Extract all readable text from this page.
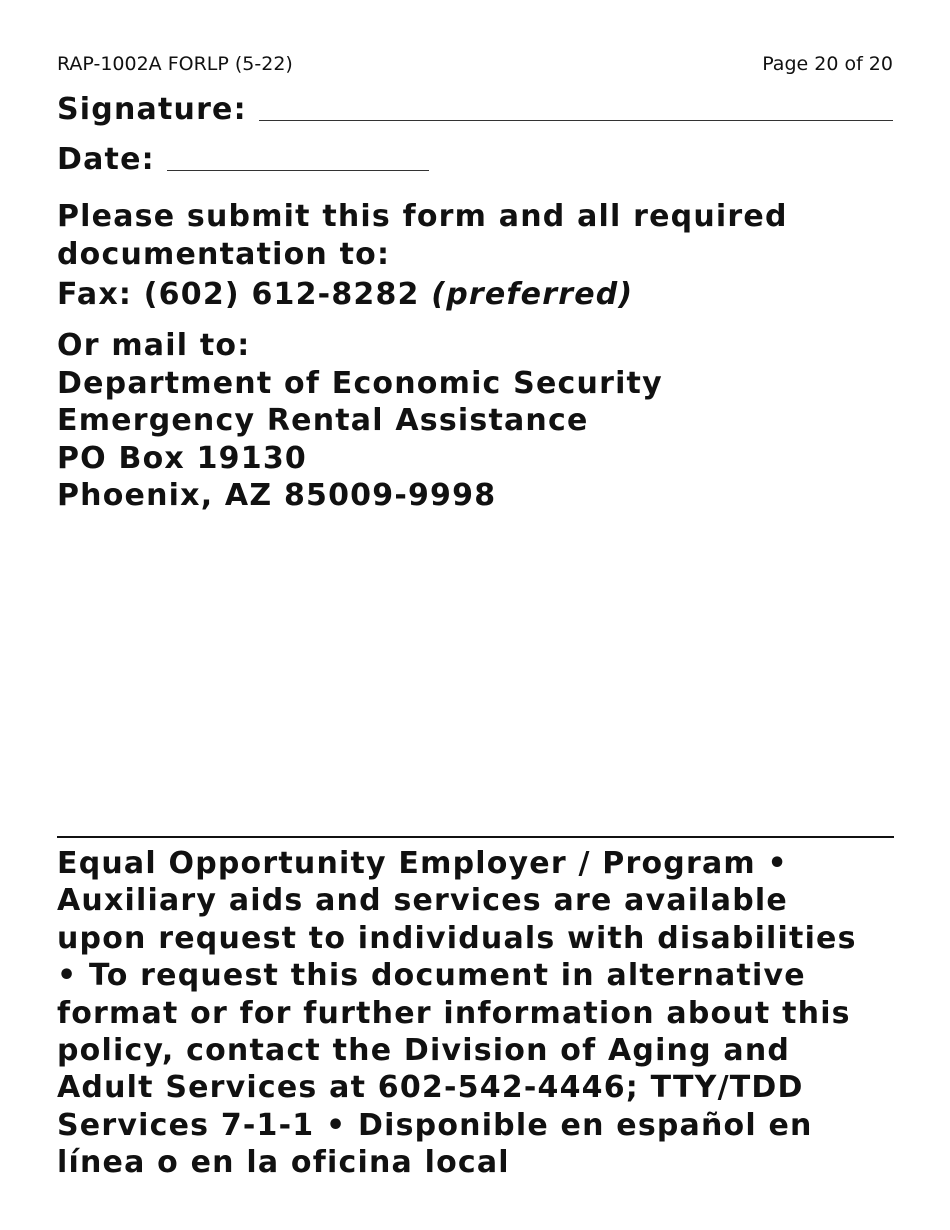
RAP-1002A FORLP (5-22)	Page 20 of 20
Signature:
Date:
Please submit this form and all required
documentation to:
Fax: (602) 612-8282 (preferred)
Or mail to:
Department of Economic Security
Emergency Rental Assistance
PO Box 19130
Phoenix, AZ 85009-9998
Equal Opportunity Employer / Program •
Auxiliary aids and services are available
upon request to individuals with disabilities
• To request this document in alternative
format or for further information about this
policy, contact the Division of Aging and
Adult Services at 602-542-4446; TTY/TDD
Services 7-1-1 • Disponible en español en
línea o en la oficina local
